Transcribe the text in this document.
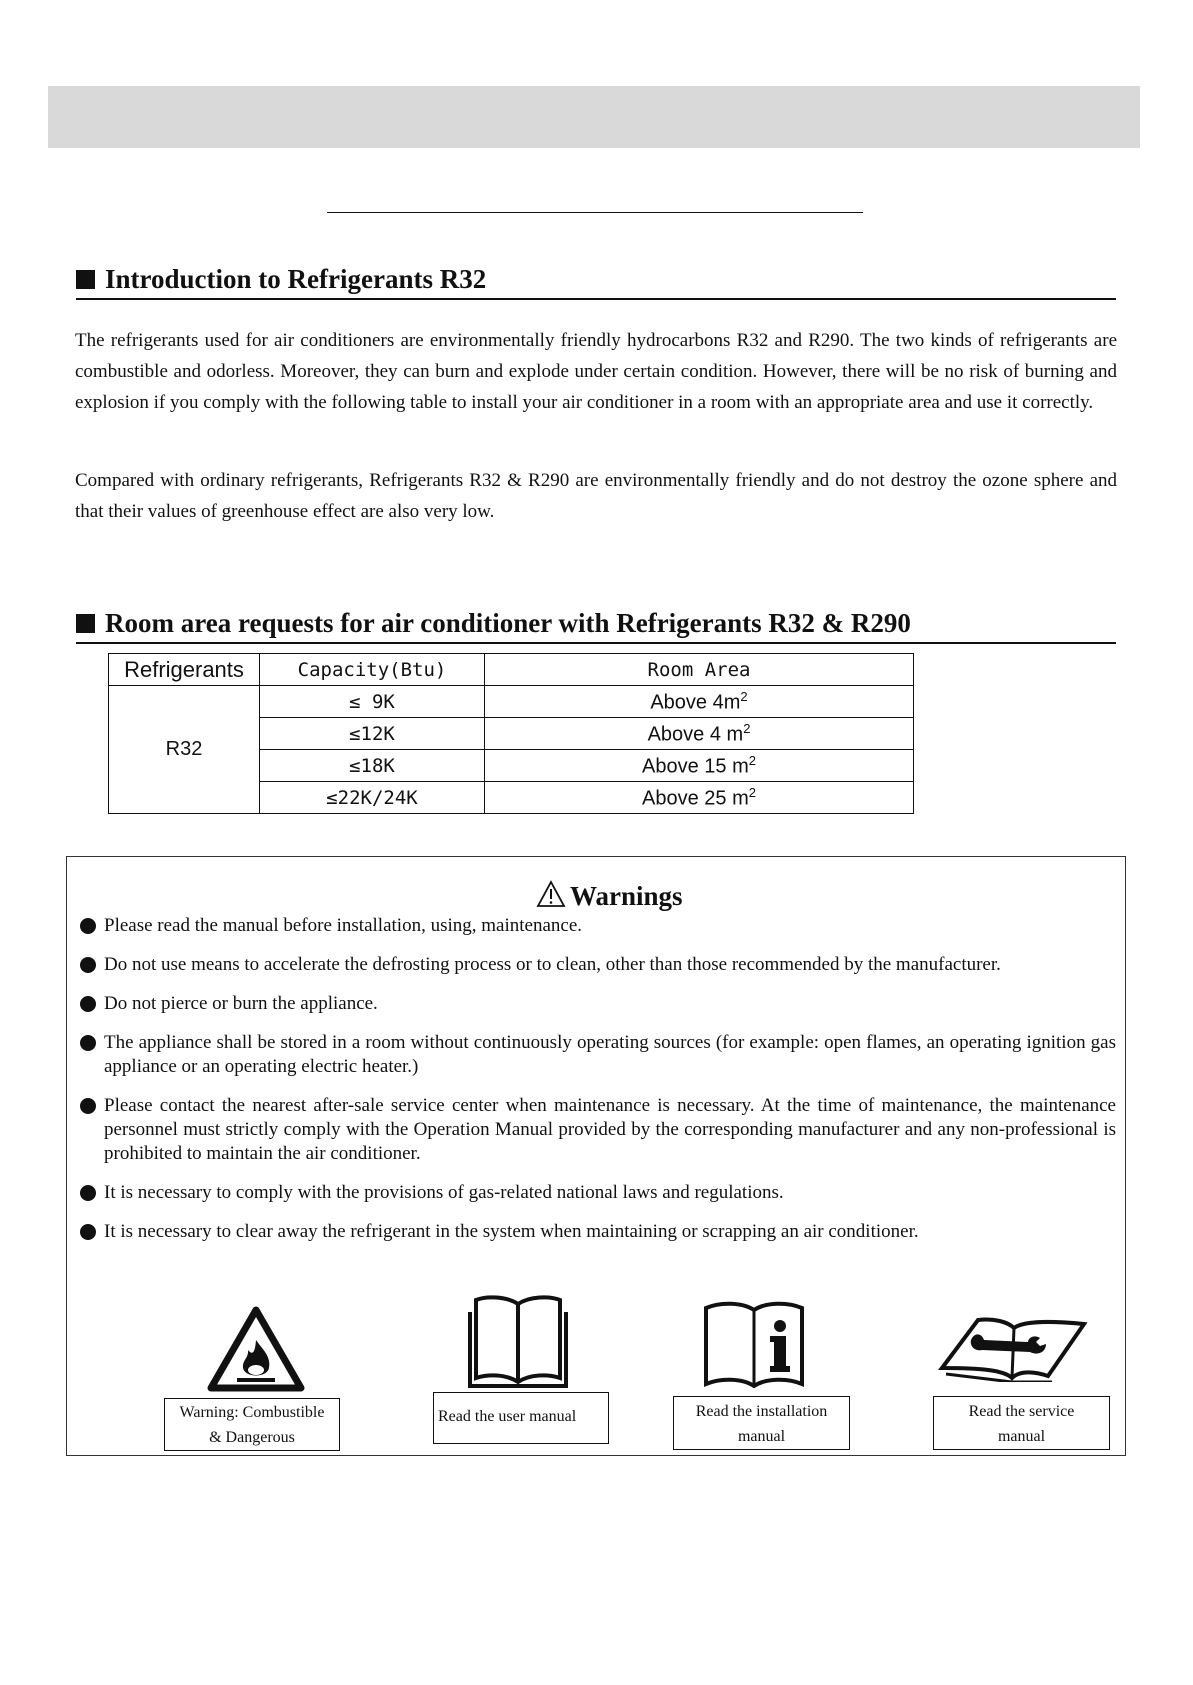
Introduction to Refrigerants R32

The refrigerants used for air conditioners are environmentally friendly hydrocarbons R32 and R290. The two kinds of refrigerants are combustible and odorless. Moreover, they can burn and explode under certain condition. However, there will be no risk of burning and explosion if you comply with the following table to install your air conditioner in a room with an appropriate area and use it correctly.

Compared with ordinary refrigerants, Refrigerants R32 & R290 are environmentally friendly and do not destroy the ozone sphere and that their values of greenhouse effect are also very low.

Room area requests for air conditioner with Refrigerants R32 & R290
Refrigerants	Capacity(Btu)	Room Area
R32	≤ 9K	Above $4m^2$
	≤12K	Above 4 $m^2$
	≤18K	Above 15 $m^2$
	≤22K/24K	Above 25 $m^2$
Warnings
Please read the manual before installation, using, maintenance.
Do not use means to accelerate the defrosting process or to clean, other than those recommended by the manufacturer.
Do not pierce or burn the appliance.
The appliance shall be stored in a room without continuously operating sources (for example: open flames, an operating ignition gas appliance or an operating electric heater.)
Please contact the nearest after-sale service center when maintenance is necessary. At the time of maintenance, the maintenance personnel must strictly comply with the Operation Manual provided by the corresponding manufacturer and any non-professional is prohibited to maintain the air conditioner.
It is necessary to comply with the provisions of gas-related national laws and regulations.
It is necessary to clear away the refrigerant in the system when maintaining or scrapping an air conditioner.
Warning: Combustible
& Dangerous
Read the user manual	Read the installation
manual
Read the service
manual
